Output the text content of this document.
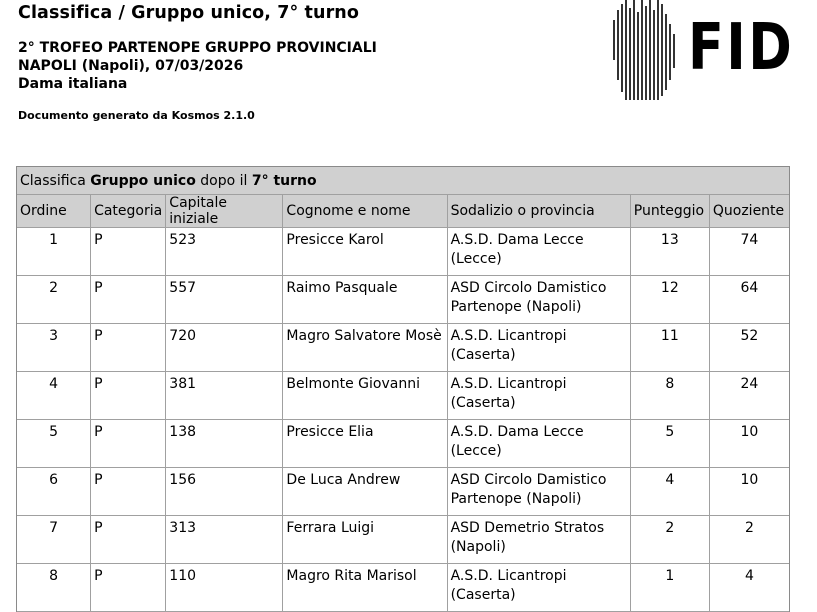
Classifica / Gruppo unico, 7° turno
2° TROFEO PARTENOPE GRUPPO PROVINCIALI
NAPOLI (Napoli), 07/03/2026
Dama italiana
Documento generato da Kosmos 2.1.0
FID
Classifica Gruppo unico dopo il 7° turno						
Ordine	Categoria	Capitale iniziale	Cognome e nome	Sodalizio o provincia	Punteggio	Quoziente
1	P	523	Presicce Karol	A.S.D. Dama Lecce
(Lecce)	13	74
2	P	557	Raimo Pasquale	ASD Circolo Damistico
Partenope (Napoli)	12	64
3	P	720	Magro Salvatore Mosè	A.S.D. Licantropi
(Caserta)	11	52
4	P	381	Belmonte Giovanni	A.S.D. Licantropi
(Caserta)	8	24
5	P	138	Presicce Elia	A.S.D. Dama Lecce
(Lecce)	5	10
6	P	156	De Luca Andrew	ASD Circolo Damistico
Partenope (Napoli)	4	10
7	P	313	Ferrara Luigi	ASD Demetrio Stratos
(Napoli)	2	2
8	P	110	Magro Rita Marisol	A.S.D. Licantropi
(Caserta)	1	4
